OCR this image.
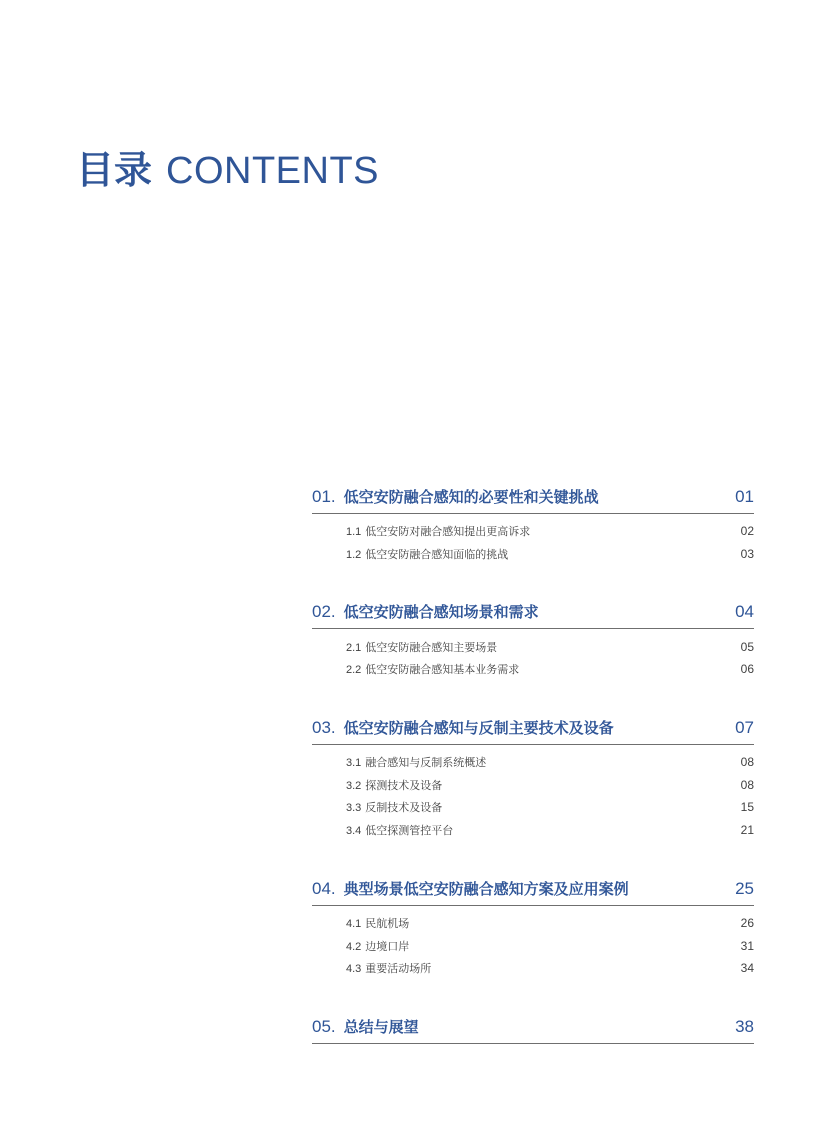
目录 CONTENTS
01. 低空安防融合感知的必要性和关键挑战	01
1.1 低空安防对融合感知提出更高诉求	02
1.2 低空安防融合感知面临的挑战	03
02. 低空安防融合感知场景和需求	04
2.1 低空安防融合感知主要场景	05
2.2 低空安防融合感知基本业务需求	06
03. 低空安防融合感知与反制主要技术及设备	07
3.1 融合感知与反制系统概述	08
3.2 探测技术及设备	08
3.3 反制技术及设备	15
3.4 低空探测管控平台	21
04. 典型场景低空安防融合感知方案及应用案例	25
4.1 民航机场	26
4.2 边境口岸	31
4.3 重要活动场所	34
05. 总结与展望	38
